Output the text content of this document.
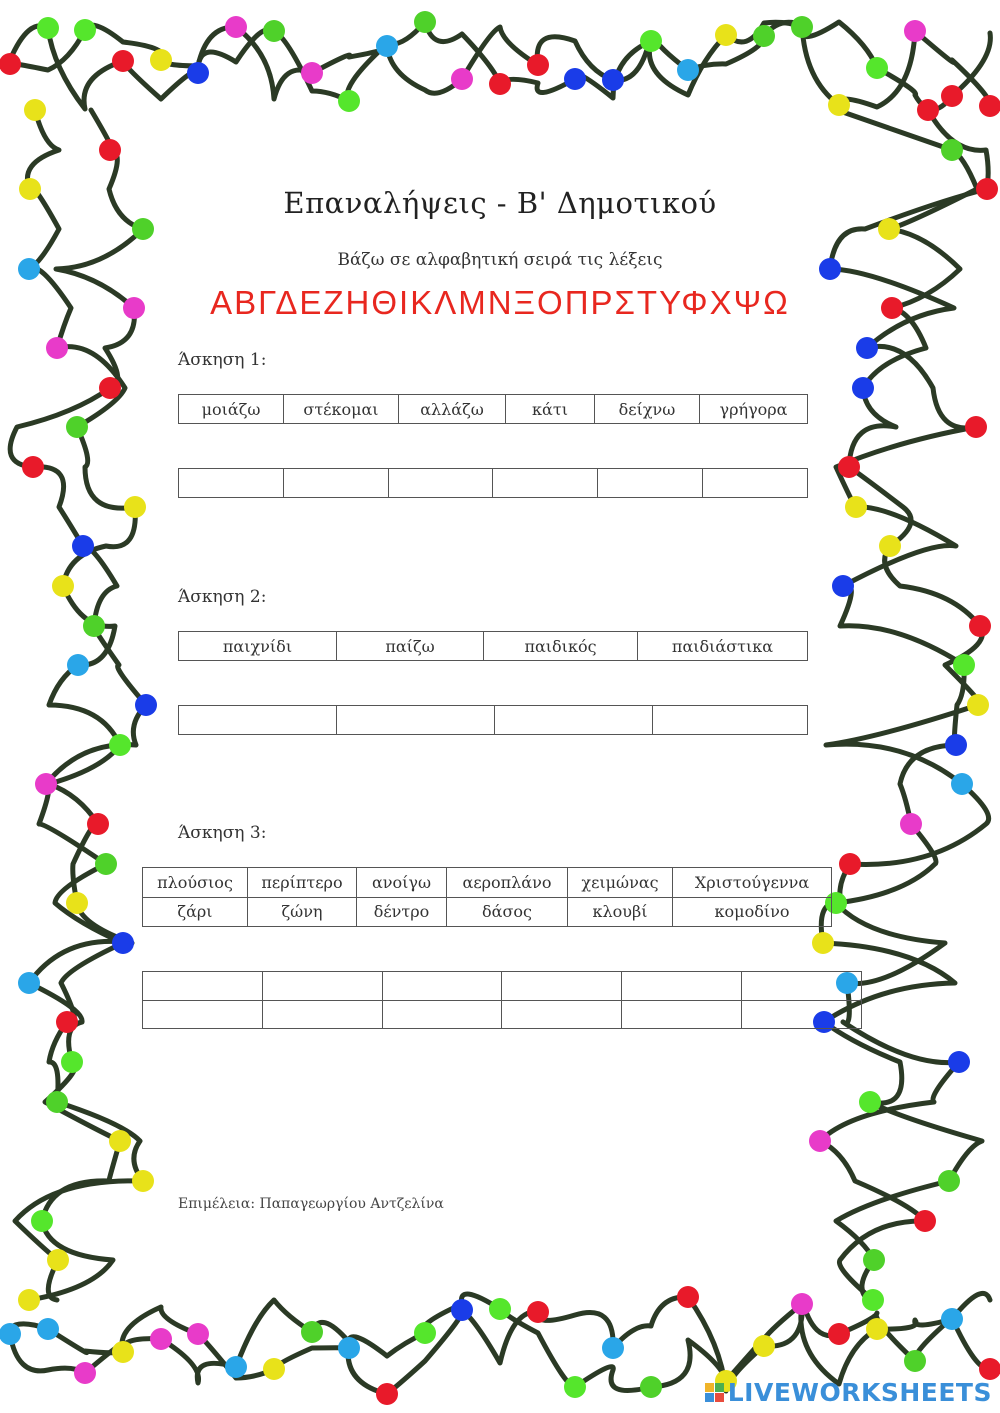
Επαναλήψεις - Β' Δημοτικού
Βάζω σε αλφαβητική σειρά τις λέξεις
ΑΒΓΔΕΖΗΘΙΚΛΜΝΞΟΠΡΣΤΥΦΧΨΩ
Άσκηση 1:
μοιάζω	στέκομαι	αλλάζω	κάτι	δείχνω	γρήγορα

Άσκηση 2:
παιχνίδι	παίζω	παιδικός	παιδιάστικα

Άσκηση 3:
πλούσιος	περίπτερο	ανοίγω	αεροπλάνο	χειμώνας	Χριστούγεννα
ζάρι	ζώνη	δέντρο	δάσος	κλουβί	κομοδίνο

Επιμέλεια: Παπαγεωργίου Αντζελίνα
LIVEWORKSHEETS
